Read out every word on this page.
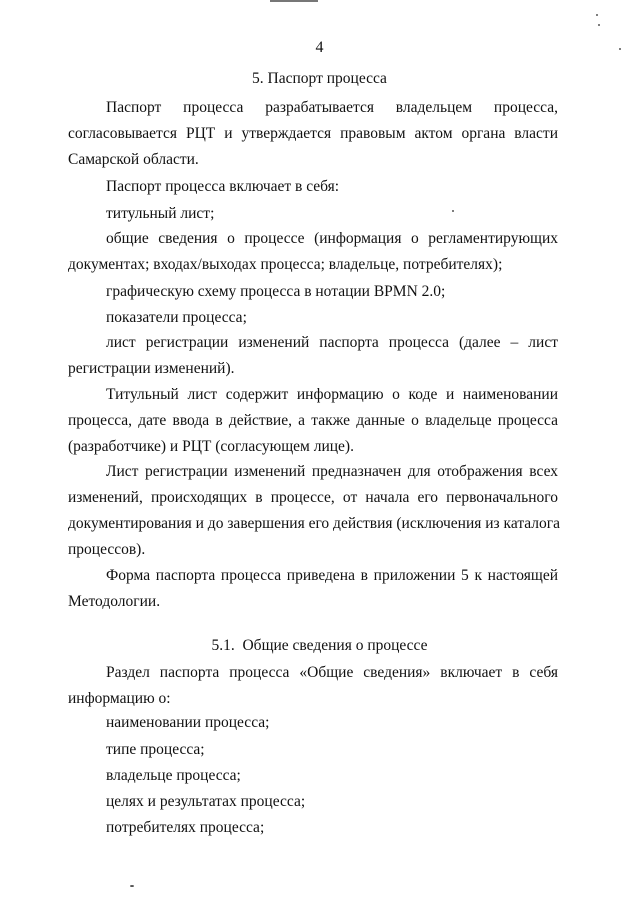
4
5. Паспорт процесса
Паспорт процесса разрабатывается владельцем процесса,
согласовывается РЦТ и утверждается правовым актом органа власти
Самарской области.
Паспорт процесса включает в себя:
титульный лист;
общие сведения о процессе (информация о регламентирующих
документах; входах/выходах процесса; владельце, потребителях);
графическую схему процесса в нотации BPMN 2.0;
показатели процесса;
лист регистрации изменений паспорта процесса (далее – лист
регистрации изменений).
Титульный лист содержит информацию о коде и наименовании
процесса, дате ввода в действие, а также данные о владельце процесса
(разработчике) и РЦТ (согласующем лице).
Лист регистрации изменений предназначен для отображения всех
изменений, происходящих в процессе, от начала его первоначального
документирования и до завершения его действия (исключения из каталога
процессов).
Форма паспорта процесса приведена в приложении 5 к настоящей
Методологии.
5.1.  Общие сведения о процессе
Раздел паспорта процесса «Общие сведения» включает в себя
информацию о:
наименовании процесса;
типе процесса;
владельце процесса;
целях и результатах процесса;
потребителях процесса;
